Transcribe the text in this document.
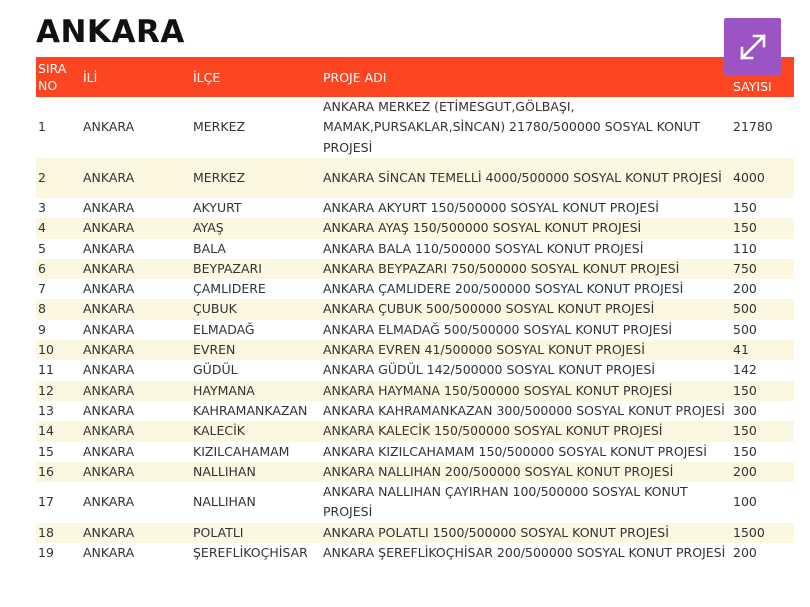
ANKARA
SIRA NO	İLİ	İLÇE	PROJE ADI	SAYISI
1	ANKARA	MERKEZ	ANKARA MERKEZ (ETİMESGUT,GÖLBAŞI, MAMAK,PURSAKLAR,SİNCAN) 21780/500000 SOSYAL KONUT PROJESİ	21780
2	ANKARA	MERKEZ	ANKARA SİNCAN TEMELLİ 4000/500000 SOSYAL KONUT PROJESİ	4000
3	ANKARA	AKYURT	ANKARA AKYURT 150/500000 SOSYAL KONUT PROJESİ	150
4	ANKARA	AYAŞ	ANKARA AYAŞ 150/500000 SOSYAL KONUT PROJESİ	150
5	ANKARA	BALA	ANKARA BALA 110/500000 SOSYAL KONUT PROJESİ	110
6	ANKARA	BEYPAZARI	ANKARA BEYPAZARI 750/500000 SOSYAL KONUT PROJESİ	750
7	ANKARA	ÇAMLIDERE	ANKARA ÇAMLIDERE 200/500000 SOSYAL KONUT PROJESİ	200
8	ANKARA	ÇUBUK	ANKARA ÇUBUK 500/500000 SOSYAL KONUT PROJESİ	500
9	ANKARA	ELMADAĞ	ANKARA ELMADAĞ 500/500000 SOSYAL KONUT PROJESİ	500
10	ANKARA	EVREN	ANKARA EVREN 41/500000 SOSYAL KONUT PROJESİ	41
11	ANKARA	GÜDÜL	ANKARA GÜDÜL 142/500000 SOSYAL KONUT PROJESİ	142
12	ANKARA	HAYMANA	ANKARA HAYMANA 150/500000 SOSYAL KONUT PROJESİ	150
13	ANKARA	KAHRAMANKAZAN	ANKARA KAHRAMANKAZAN 300/500000 SOSYAL KONUT PROJESİ	300
14	ANKARA	KALECİK	ANKARA KALECİK 150/500000 SOSYAL KONUT PROJESİ	150
15	ANKARA	KIZILCAHAMAM	ANKARA KIZILCAHAMAM 150/500000 SOSYAL KONUT PROJESİ	150
16	ANKARA	NALLIHAN	ANKARA NALLIHAN 200/500000 SOSYAL KONUT PROJESİ	200
17	ANKARA	NALLIHAN	ANKARA NALLIHAN ÇAYIRHAN 100/500000 SOSYAL KONUT PROJESİ	100
18	ANKARA	POLATLI	ANKARA POLATLI 1500/500000 SOSYAL KONUT PROJESİ	1500
19	ANKARA	ŞEREFLİKOÇHİSAR	ANKARA ŞEREFLİKOÇHİSAR 200/500000 SOSYAL KONUT PROJESİ	200
